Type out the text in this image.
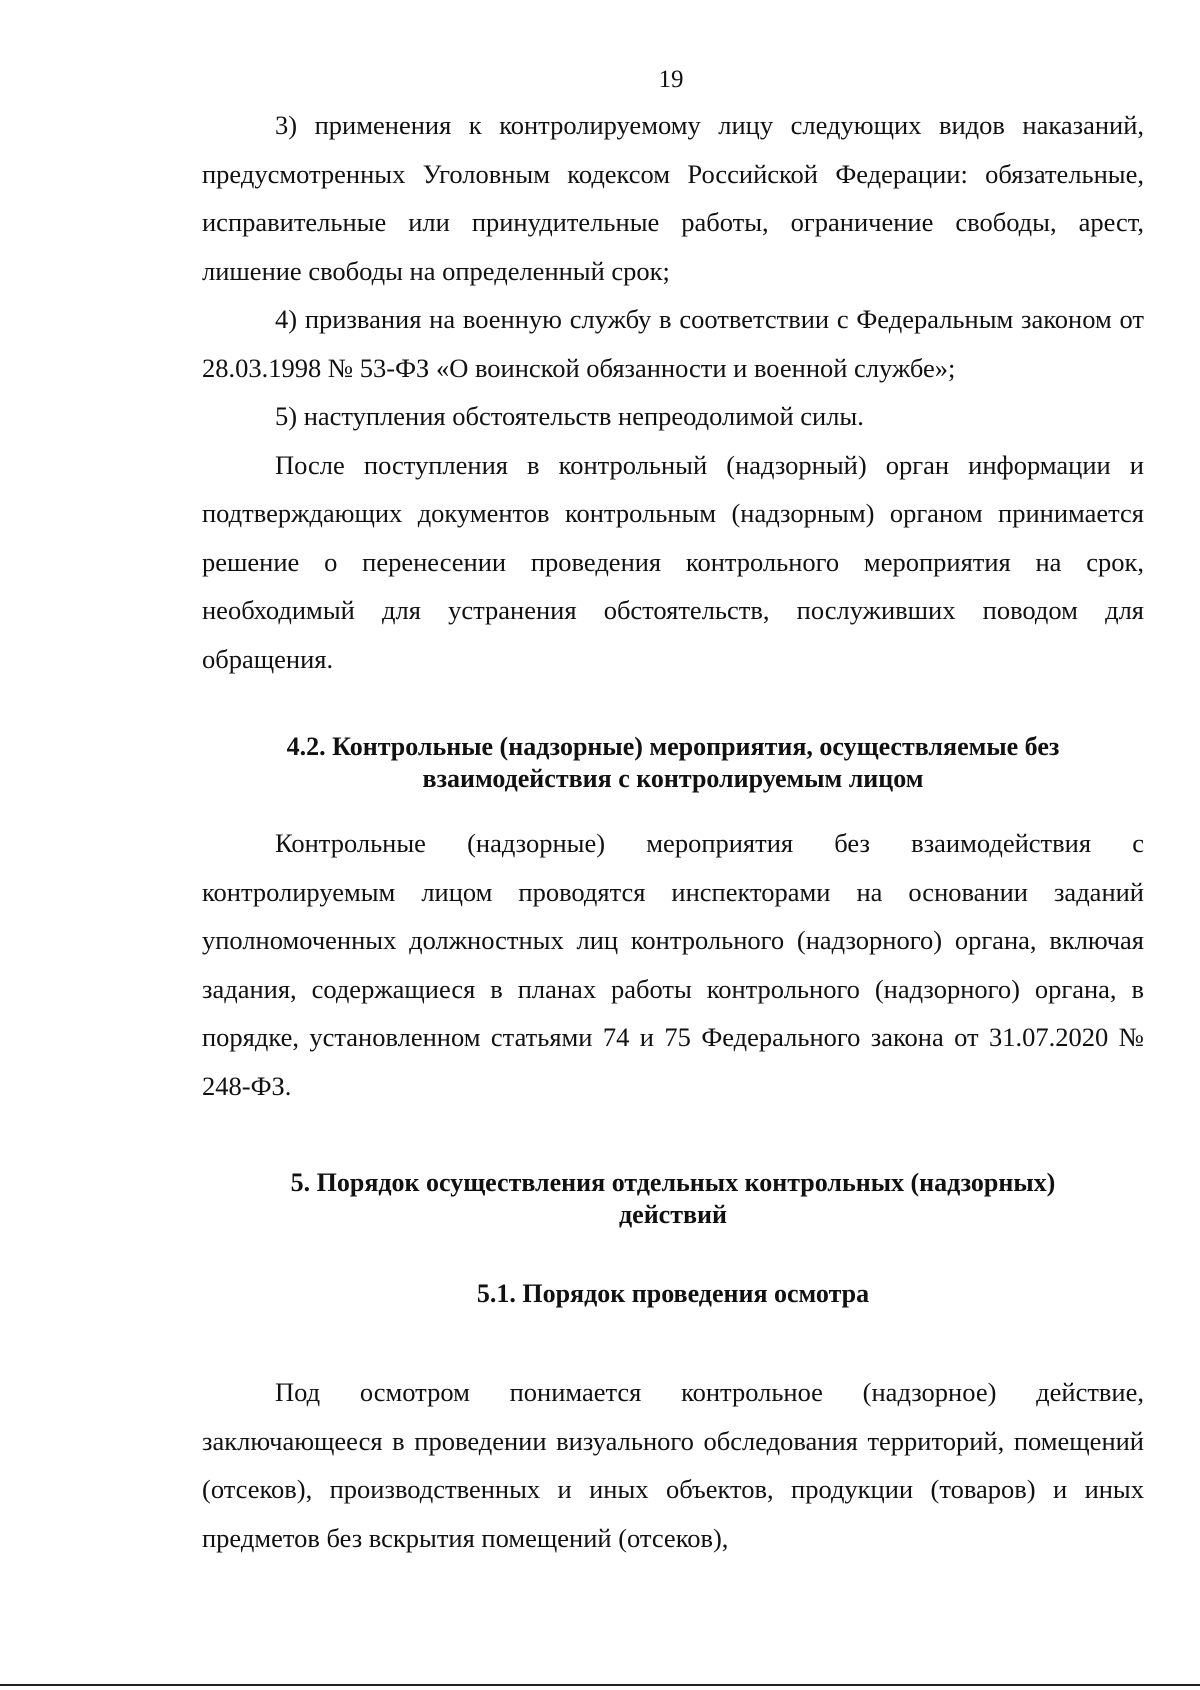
19

3) применения к контролируемому лицу следующих видов наказаний, предусмотренных Уголовным кодексом Российской Федерации: обязательные, исправительные или принудительные работы, ограничение свободы, арест, лишение свободы на определенный срок;

4) призвания на военную службу в соответствии с Федеральным законом от 28.03.1998 № 53-ФЗ «О воинской обязанности и военной службе»;

5) наступления обстоятельств непреодолимой силы.

После поступления в контрольный (надзорный) орган информации и подтверждающих документов контрольным (надзорным) органом принимается решение о перенесении проведения контрольного мероприятия на срок, необходимый для устранения обстоятельств, послуживших поводом для обращения.

4.2. Контрольные (надзорные) мероприятия, осуществляемые без
взаимодействия с контролируемым лицом

Контрольные (надзорные) мероприятия без взаимодействия с контролируемым лицом проводятся инспекторами на основании заданий уполномоченных должностных лиц контрольного (надзорного) органа, включая задания, содержащиеся в планах работы контрольного (надзорного) органа, в порядке, установленном статьями 74 и 75 Федерального закона от 31.07.2020 № 248-ФЗ.

5. Порядок осуществления отдельных контрольных (надзорных)
действий
5.1. Порядок проведения осмотра

Под осмотром понимается контрольное (надзорное) действие, заключающееся в проведении визуального обследования территорий, помещений (отсеков), производственных и иных объектов, продукции (товаров) и иных предметов без вскрытия помещений (отсеков),
